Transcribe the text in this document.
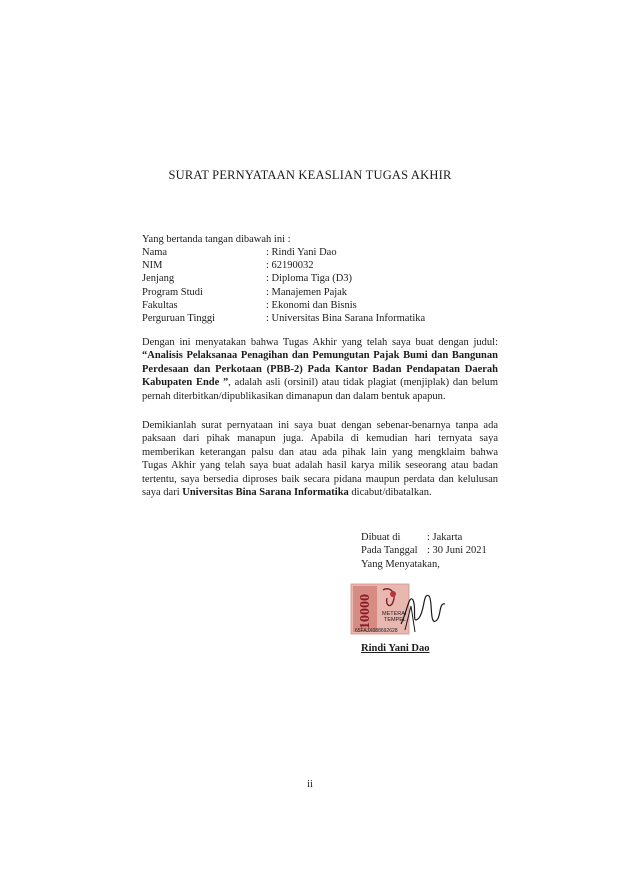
SURAT PERNYATAAN KEASLIAN TUGAS AKHIR
Yang bertanda tangan dibawah ini :
Nama	: Rindi Yani Dao
NIM	: 62190032
Jenjang	: Diploma Tiga (D3)
Program Studi	: Manajemen Pajak
Fakultas	: Ekonomi dan Bisnis
Perguruan Tinggi	: Universitas Bina Sarana Informatika
Dengan ini menyatakan bahwa Tugas Akhir yang telah saya buat dengan judul: “Analisis Pelaksanaa Penagihan dan Pemungutan Pajak Bumi dan Bangunan Perdesaan dan Perkotaan (PBB-2) Pada Kantor Badan Pendapatan Daerah Kabupaten Ende ”, adalah asli (orsinil) atau tidak plagiat (menjiplak) dan belum pernah diterbitkan/dipublikasikan dimanapun dan dalam bentuk apapun.
Demikianlah surat pernyataan ini saya buat dengan sebenar-benarnya tanpa ada paksaan dari pihak manapun juga. Apabila di kemudian hari ternyata saya memberikan keterangan palsu dan atau ada pihak lain yang mengklaim bahwa Tugas Akhir yang telah saya buat adalah hasil karya milik seseorang atau badan tertentu, saya bersedia diproses baik secara pidana maupun perdata dan kelulusan saya dari Universitas Bina Sarana Informatika dicabut/dibatalkan.
Dibuat di	: Jakarta
Pada Tanggal : 30 Juni 2021
Yang Menyatakan,
10000 METERAI
TEMPEL
65FAJX088692628
Rindi Yani Dao
ii
